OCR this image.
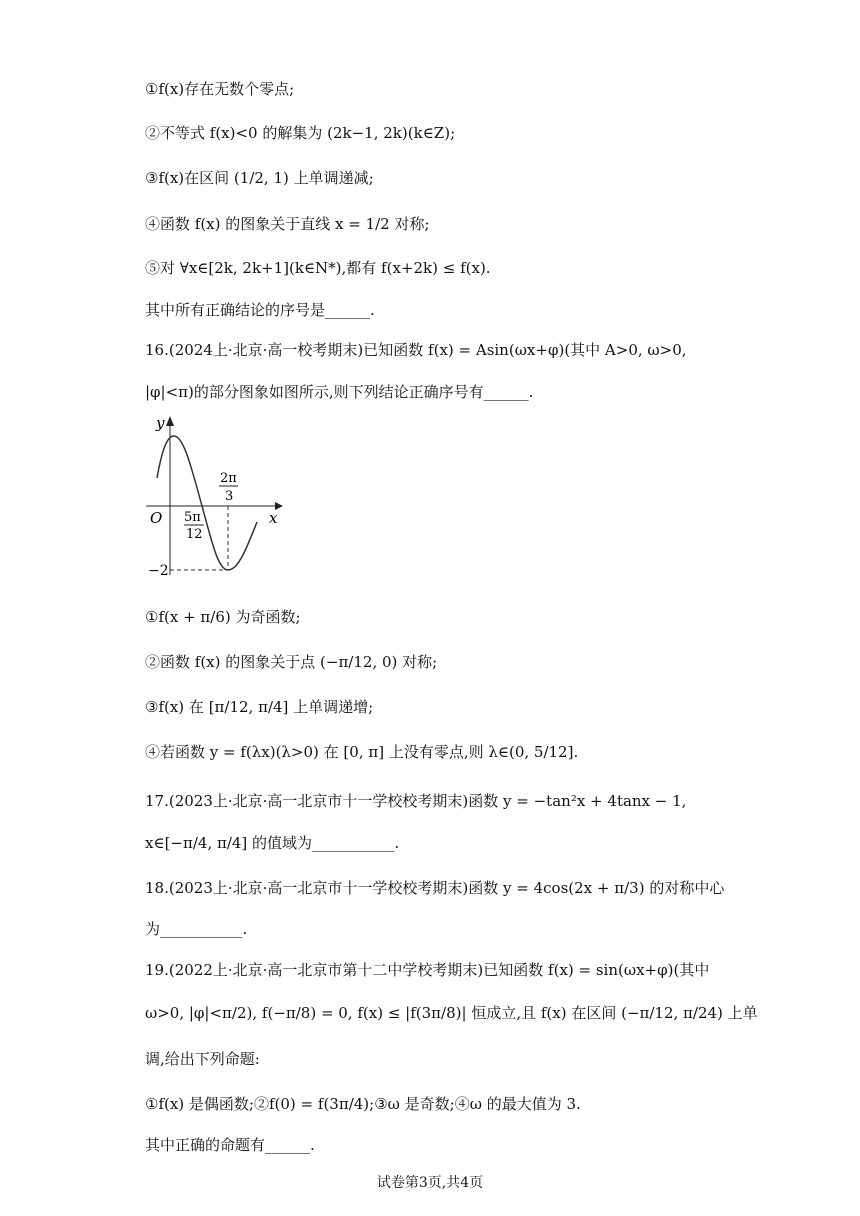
①f(x)存在无数个零点;
②不等式 f(x)<0 的解集为 (2k−1, 2k)(k∈Z);
③f(x)在区间 (1/2, 1) 上单调递减;
④函数 f(x) 的图象关于直线 x = 1/2 对称;
⑤对 ∀x∈[2k, 2k+1](k∈N*),都有 f(x+2k) ≤ f(x).
其中所有正确结论的序号是______.
16.(2024上·北京·高一校考期末)已知函数 f(x) = Asin(ωx+φ)(其中 A>0, ω>0,
|φ|<π)的部分图象如图所示,则下列结论正确序号有______.
y
x
O 5π
12
2π
3
−2
①f(x + π/6) 为奇函数;
②函数 f(x) 的图象关于点 (−π/12, 0) 对称;
③f(x) 在 [π/12, π/4] 上单调递增;
④若函数 y = f(λx)(λ>0) 在 [0, π] 上没有零点,则 λ∈(0, 5/12].
17.(2023上·北京·高一北京市十一学校校考期末)函数 y = −tan²x + 4tanx − 1,
x∈[−π/4, π/4] 的值域为___________.
18.(2023上·北京·高一北京市十一学校校考期末)函数 y = 4cos(2x + π/3) 的对称中心
为___________.
19.(2022上·北京·高一北京市第十二中学校考期末)已知函数 f(x) = sin(ωx+φ)(其中
ω>0, |φ|<π/2), f(−π/8) = 0, f(x) ≤ |f(3π/8)| 恒成立,且 f(x) 在区间 (−π/12, π/24) 上单
调,给出下列命题:
①f(x) 是偶函数;②f(0) = f(3π/4);③ω 是奇数;④ω 的最大值为 3.
其中正确的命题有______.
试卷第3页,共4页
